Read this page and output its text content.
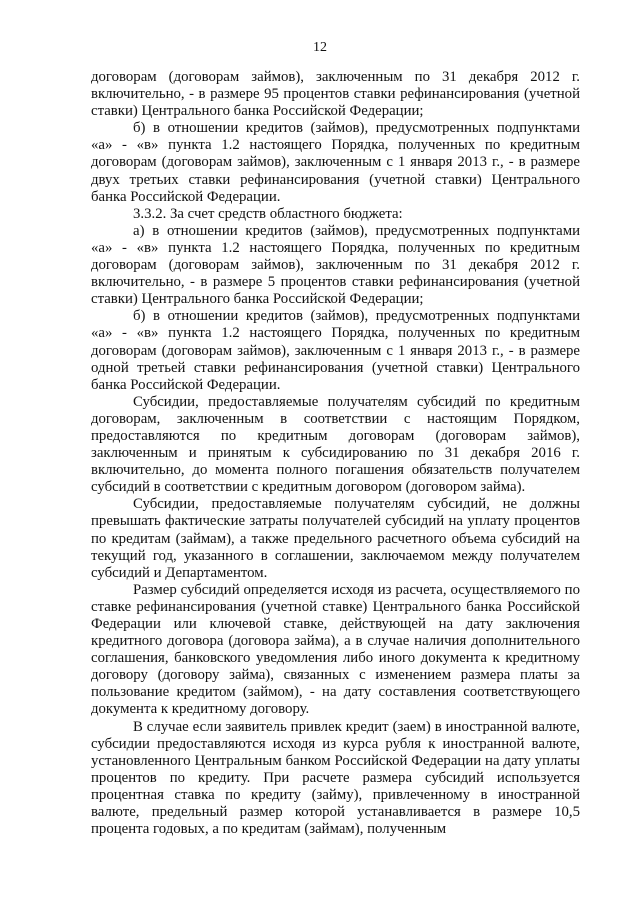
12

договорам (договорам займов), заключенным по 31 декабря 2012 г. включительно, - в размере 95 процентов ставки рефинансирования (учетной ставки) Центрального банка Российской Федерации;

б) в отношении кредитов (займов), предусмотренных подпунктами «а» - «в» пункта 1.2 настоящего Порядка, полученных по кредитным договорам (договорам займов), заключенным с 1 января 2013 г., - в размере двух третьих ставки рефинансирования (учетной ставки) Центрального банка Российской Федерации.

3.3.2. За счет средств областного бюджета:

а) в отношении кредитов (займов), предусмотренных подпунктами «а» - «в» пункта 1.2 настоящего Порядка, полученных по кредитным договорам (договорам займов), заключенным по 31 декабря 2012 г. включительно, - в размере 5 процентов ставки рефинансирования (учетной ставки) Центрального банка Российской Федерации;

б) в отношении кредитов (займов), предусмотренных подпунктами «а» - «в» пункта 1.2 настоящего Порядка, полученных по кредитным договорам (договорам займов), заключенным с 1 января 2013 г., - в размере одной третьей ставки рефинансирования (учетной ставки) Центрального банка Российской Федерации.

Субсидии, предоставляемые получателям субсидий по кредитным договорам, заключенным в соответствии с настоящим Порядком, предоставляются по кредитным договорам (договорам займов), заключенным и принятым к субсидированию по 31 декабря 2016 г. включительно, до момента полного погашения обязательств получателем субсидий в соответствии с кредитным договором (договором займа).

Субсидии, предоставляемые получателям субсидий, не должны превышать фактические затраты получателей субсидий на уплату процентов по кредитам (займам), а также предельного расчетного объема субсидий на текущий год, указанного в соглашении, заключаемом между получателем субсидий и Департаментом.

Размер субсидий определяется исходя из расчета, осуществляемого по ставке рефинансирования (учетной ставке) Центрального банка Российской Федерации или ключевой ставке, действующей на дату заключения кредитного договора (договора займа), а в случае наличия дополнительного соглашения, банковского уведомления либо иного документа к кредитному договору (договору займа), связанных с изменением размера платы за пользование кредитом (займом), - на дату составления соответствующего документа к кредитному договору.

В случае если заявитель привлек кредит (заем) в иностранной валюте, субсидии предоставляются исходя из курса рубля к иностранной валюте, установленного Центральным банком Российской Федерации на дату уплаты процентов по кредиту. При расчете размера субсидий используется процентная ставка по кредиту (займу), привлеченному в иностранной валюте, предельный размер которой устанавливается в размере 10,5 процента годовых, а по кредитам (займам), полученным
